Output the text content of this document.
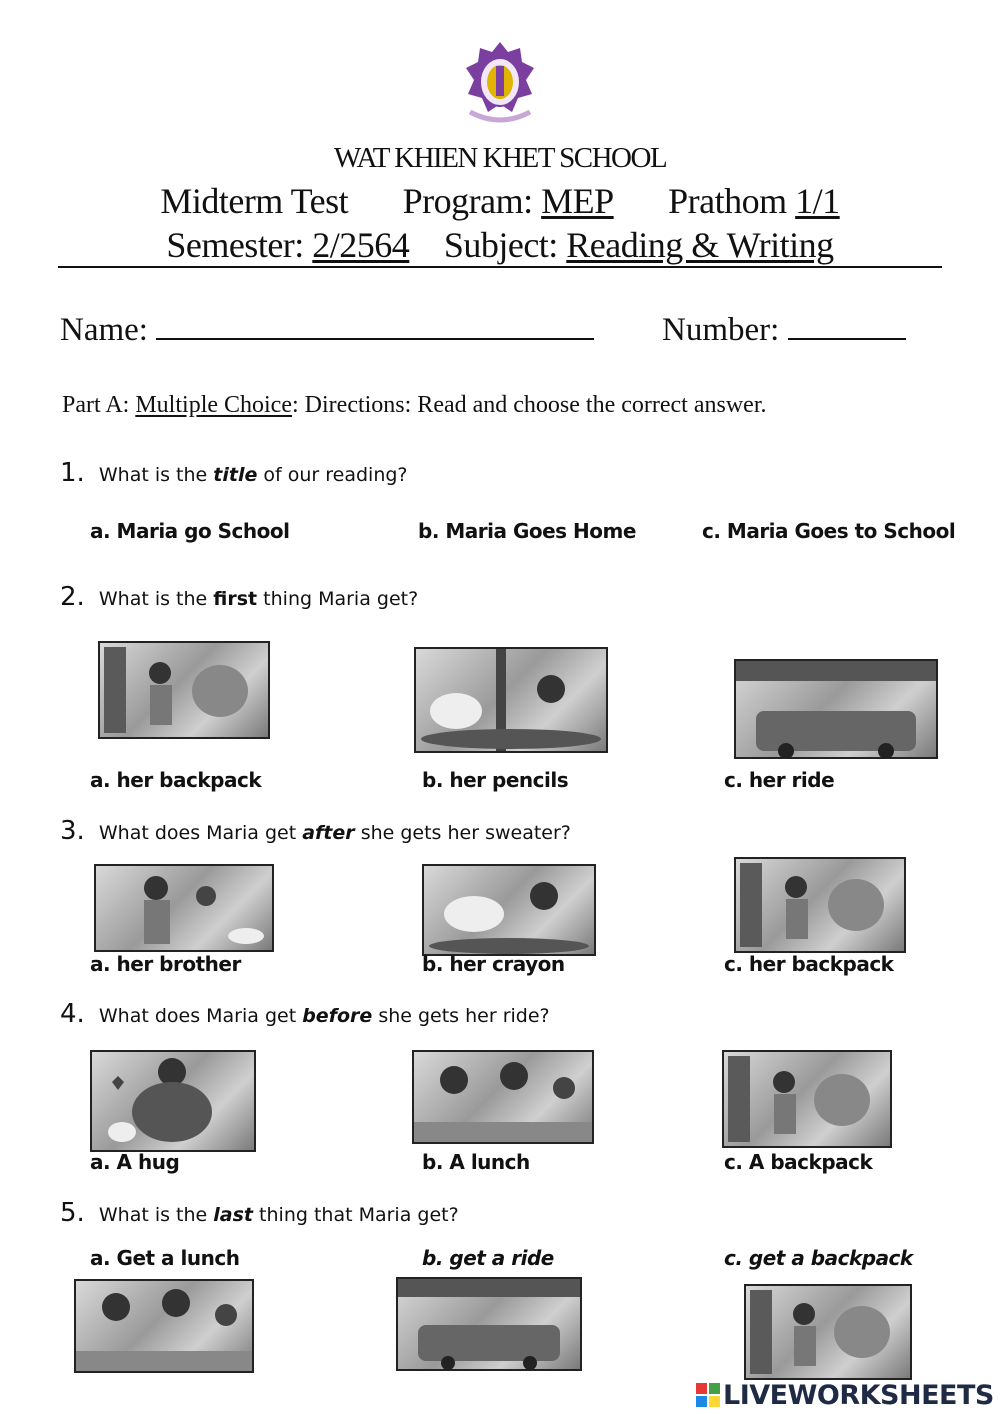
WAT KHIEN KHET SCHOOL
Midterm Test Program: MEP Prathom 1/1
Semester: 2/2564 Subject: Reading & Writing
Name:	Number:
Part A: Multiple Choice: Directions: Read and choose the correct answer.
1. What is the title of our reading?
a. Maria go School	b. Maria Goes Home	c. Maria Goes to School
2. What is the first thing Maria get?
a. her backpack	b. her pencils	c. her ride
3. What does Maria get after she gets her sweater?
a. her brother	b. her crayon	c. her backpack
4. What does Maria get before she gets her ride?
a. A hug	b. A lunch	c. A backpack
5. What is the last thing that Maria get?
a. Get a lunch	b. get a ride	c. get a backpack
LIVEWORKSHEETS
